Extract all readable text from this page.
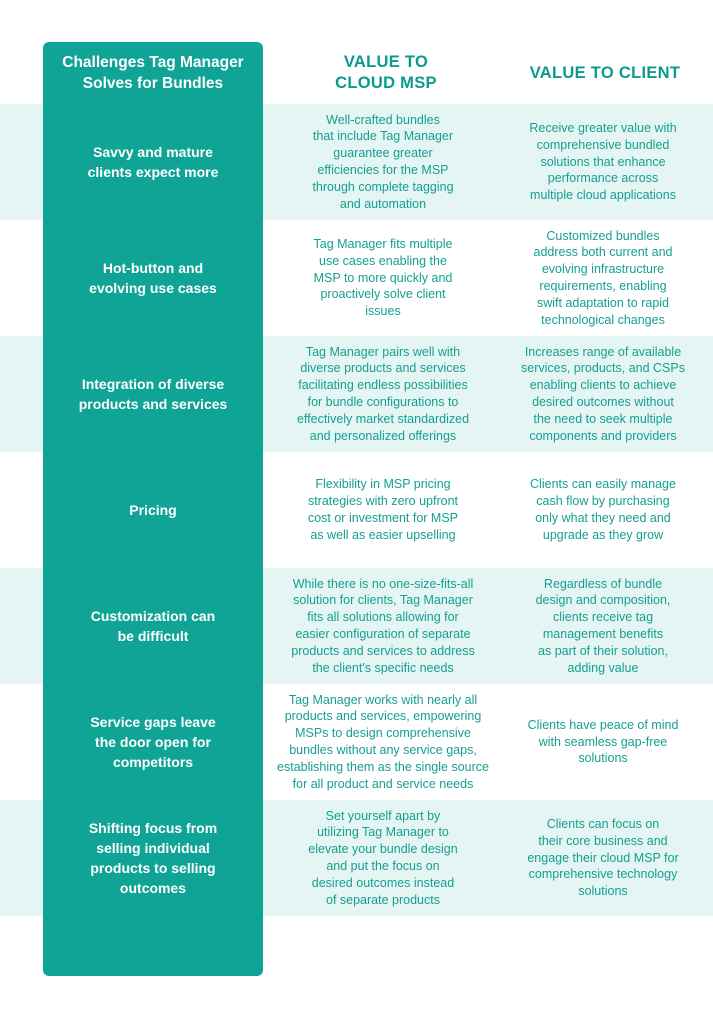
Challenges Tag Manager
Solves for Bundles
VALUE TO
CLOUD MSP
VALUE TO CLIENT
Savvy and mature
clients expect more
Well-crafted bundles
that include Tag Manager
guarantee greater
efficiencies for the MSP
through complete tagging
and automation
Receive greater value with
comprehensive bundled
solutions that enhance
performance across
multiple cloud applications
Hot-button and
evolving use cases
Tag Manager fits multiple
use cases enabling the
MSP to more quickly and
proactively solve client
issues
Customized bundles
address both current and
evolving infrastructure
requirements, enabling
swift adaptation to rapid
technological changes
Integration of diverse
products and services
Tag Manager pairs well with
diverse products and services
facilitating endless possibilities
for bundle configurations to
effectively market standardized
and personalized offerings
Increases range of available
services, products, and CSPs
enabling clients to achieve
desired outcomes without
the need to seek multiple
components and providers
Pricing
Flexibility in MSP pricing
strategies with zero upfront
cost or investment for MSP
as well as easier upselling
Clients can easily manage
cash flow by purchasing
only what they need and
upgrade as they grow
Customization can
be difficult
While there is no one-size-fits-all
solution for clients, Tag Manager
fits all solutions allowing for
easier configuration of separate
products and services to address
the client's specific needs
Regardless of bundle
design and composition,
clients receive tag
management benefits
as part of their solution,
adding value
Service gaps leave
the door open for
competitors
Tag Manager works with nearly all
products and services, empowering
MSPs to design comprehensive
bundles without any service gaps,
establishing them as the single source
for all product and service needs
Clients have peace of mind
with seamless gap-free
solutions
Shifting focus from
selling individual
products to selling
outcomes
Set yourself apart by
utilizing Tag Manager to
elevate your bundle design
and put the focus on
desired outcomes instead
of separate products
Clients can focus on
their core business and
engage their cloud MSP for
comprehensive technology
solutions
